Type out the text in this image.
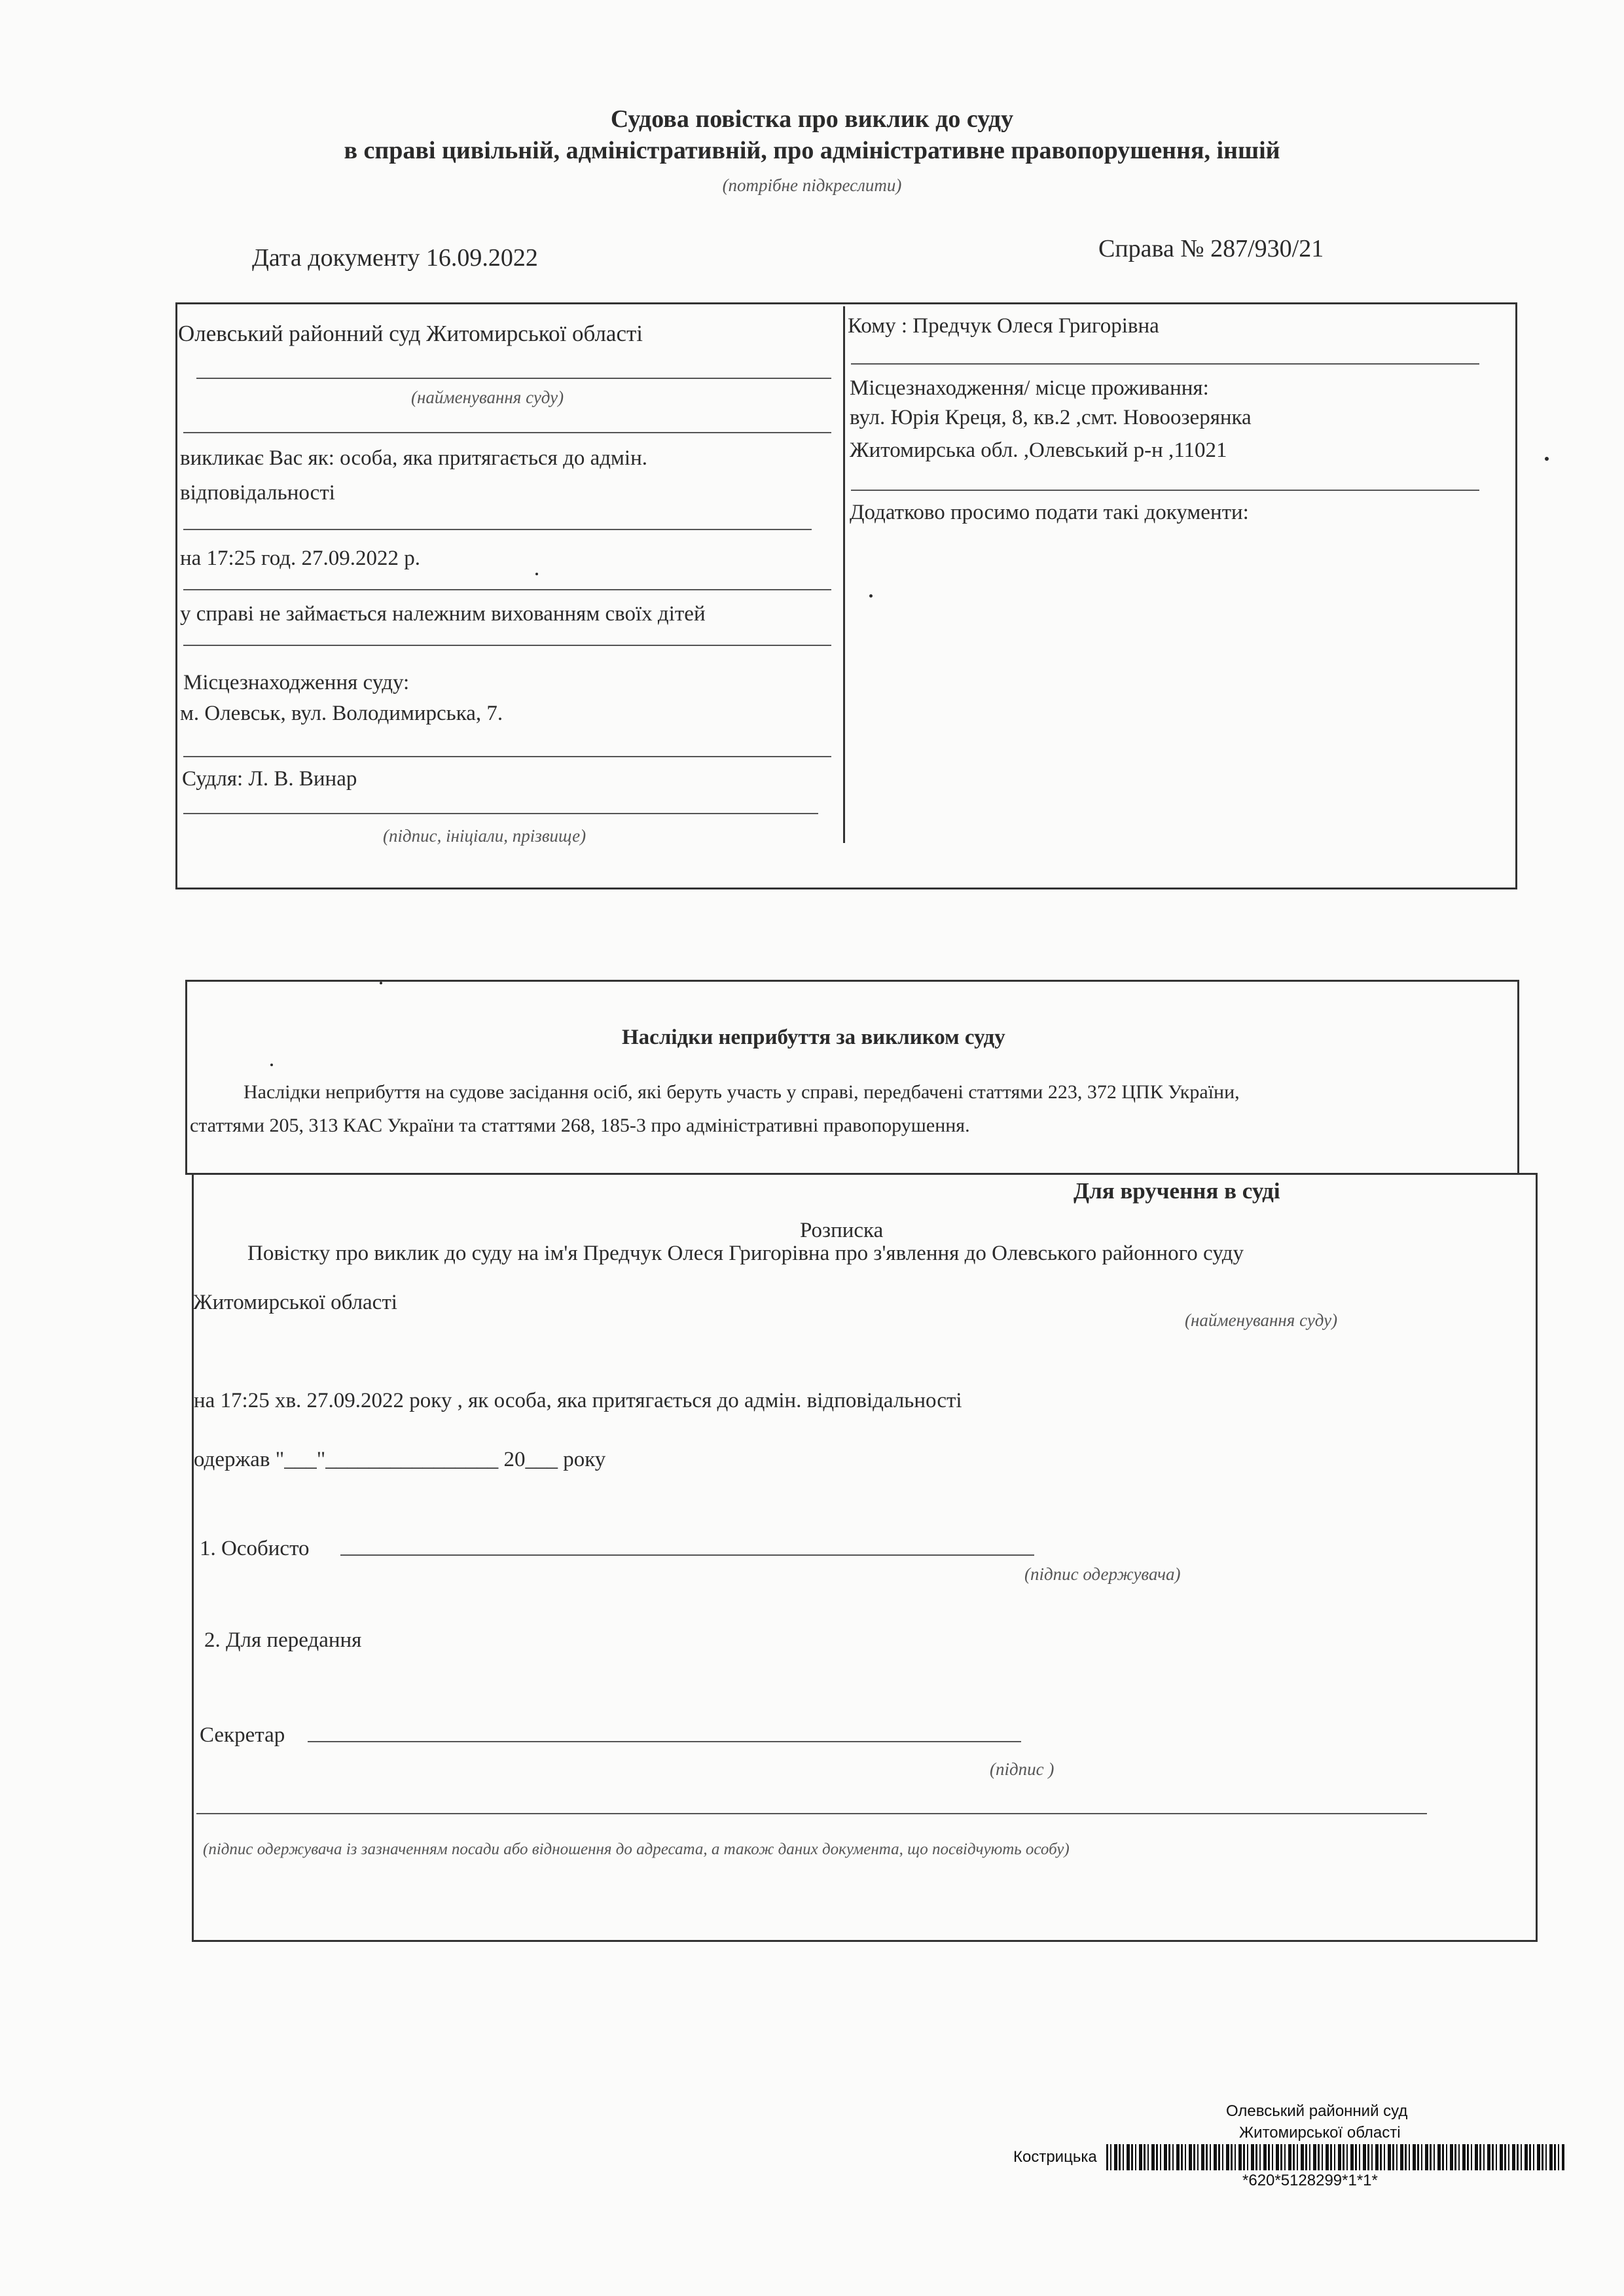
Судова повістка про виклик до суду
в справі цивільній, адміністративній, про адміністративне правопорушення, іншій
(потрібне підкреслити)
Дата документу 16.09.2022	Справа № 287/930/21
Олевський районний суд Житомирської області
(найменування суду)
викликає Вас як: особа, яка притягається до адмін.
відповідальності
на 17:25 год. 27.09.2022 р.
у справі не займається належним вихованням своїх дітей
Місцезнаходження суду:
м. Олевськ, вул. Володимирська, 7.
Судля: Л. В. Винар
(підпис, ініціали, прізвище)
Кому : Предчук Олеся Григорівна
Місцезнаходження/ місце проживання:
вул. Юрія Креця, 8, кв.2 ,смт. Новоозерянка
Житомирська обл. ,Олевський р-н ,11021
Додатково просимо подати такі документи:
Наслідки неприбуття за викликом суду
Наслідки неприбуття на судове засідання осіб, які беруть участь у справі, передбачені статтями 223, 372 ЦПК України,
статтями 205, 313 КАС України та статтями 268, 185-3 про адміністративні правопорушення.
Для вручення в суді
Розписка
Повістку про виклик до суду на ім'я Предчук Олеся Григорівна про з'явлення до Олевського районного суду
Житомирської області
(найменування суду)
на 17:25 хв. 27.09.2022 року , як особа, яка притягається до адмін. відповідальності
одержав "___"________________ 20___ року
1. Особисто
(підпис одержувача)
2. Для передання
Секретар
(підпис )
(підпис одержувача із зазначенням посади або відношення до адресата, а також даних документа, що посвідчують особу)
Олевський районний суд
Житомирської області
Кострицька
*620*5128299*1*1*
